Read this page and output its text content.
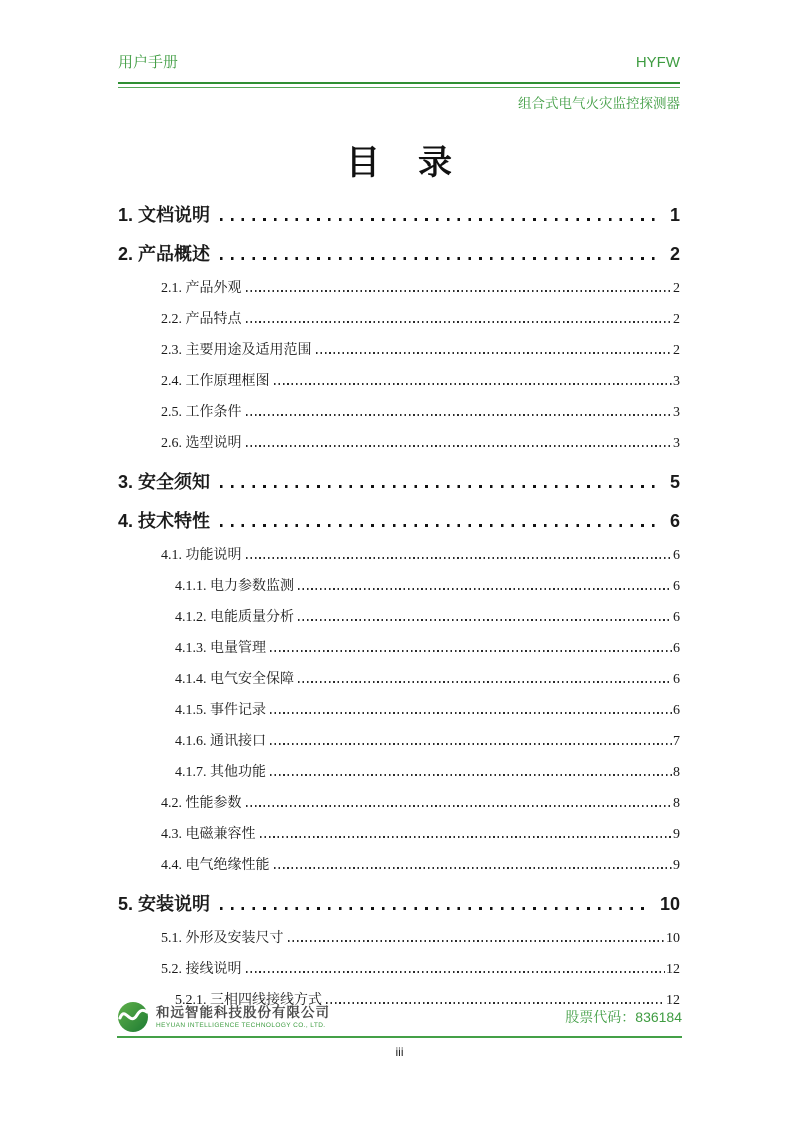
用户手册	HYFW
组合式电气火灾监控探测器
目　录
1. 文档说明	1
2. 产品概述	2
2.1. 产品外观	2
2.2. 产品特点	2
2.3. 主要用途及适用范围	2
2.4. 工作原理框图	3
2.5. 工作条件	3
2.6. 选型说明	3
3. 安全须知	5
4. 技术特性	6
4.1. 功能说明	6
4.1.1. 电力参数监测	6
4.1.2. 电能质量分析	6
4.1.3. 电量管理	6
4.1.4. 电气安全保障	6
4.1.5. 事件记录	6
4.1.6. 通讯接口	7
4.1.7. 其他功能	8
4.2. 性能参数	8
4.3. 电磁兼容性	9
4.4. 电气绝缘性能	9
5. 安装说明	10
5.1. 外形及安装尺寸	10
5.2. 接线说明	12
5.2.1. 三相四线接线方式	12
和远智能科技股份有限公司
HEYUAN INTELLIGENCE TECHNOLOGY CO., LTD.	股票代码：836184
iii
